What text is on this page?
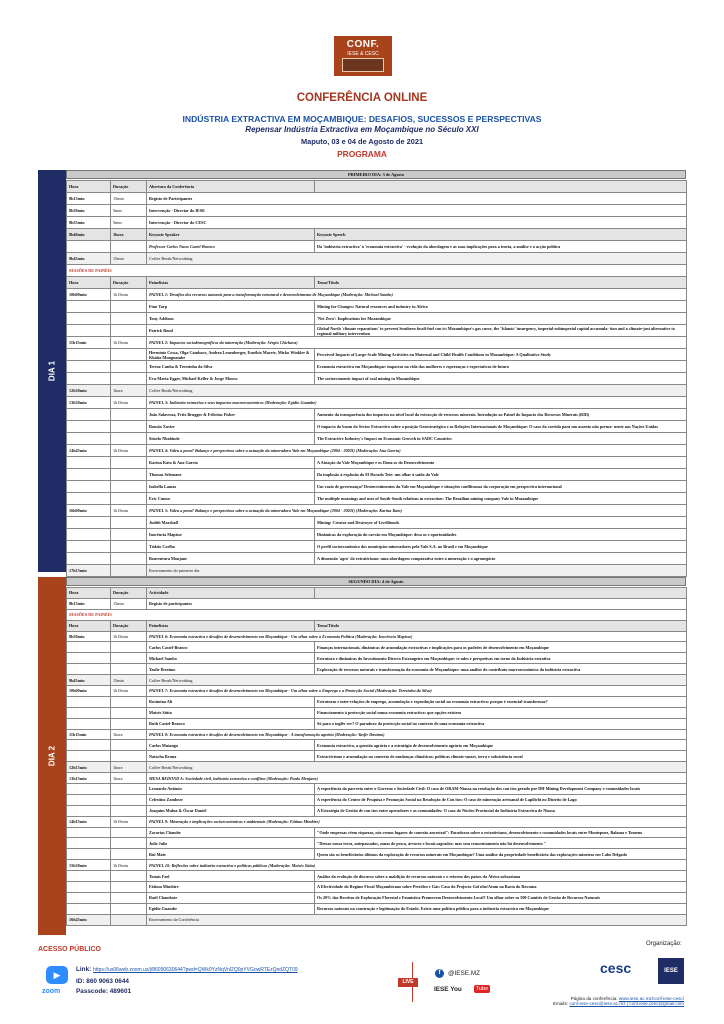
CONF.
IESE & CESC
CONFERÊNCIA ONLINE
INDÚSTRIA EXTRACTIVA EM MOÇAMBIQUE: DESAFIOS, SUCESSOS E PERSPECTIVAS
Repensar Indústria Extractiva em Moçambique no Século XXI
Maputo, 03 e 04 de Agosto de 2021
PROGRAMA
DIA 1
PRIMEIRO DIA: 3 de Agosto
Hora	Duração	Abertura da Conferência	
8h15min	15min	Registo de Participantes	
8h30min	5min	Intervenção - Director do IESE	
8h35min	5min	Intervenção - Director do CESC	
8h40min	1hora	Keynote Speaker	Keynote Speech
		Professor Carlos Nuno Castel-Branco	Da 'indústria extractiva' à 'economia extractiva' - evolução da abordagem e as suas implicações para a teoria, a análise e a acção política
9h45min	15min	Coffee Break/Networking	
SESSÕES DE PAINÉIS			
Hora	Duração	Painelistas	Tema/Título
10h00min	1h15min	PAINEL 1: Desafios dos recursos naturais para a transformação estrutural e desenvolvimento de Moçambique (Moderação: Michael Sambo)	
		Finn Tarp	Mining for Changes: Natural resources and industry in Africa
		Tony Addison	'Net Zero': Implications for Mozambique
		Patrick Bond	Global North 'climate reparations' to prevent Southern fossil-fuel con ict Mozambique's gas curse, the 'Islamic' insurgency, imperial-subimperial capital accumula- tion and a climate-just alternative to regional military intervention
11h15min	1h15min	PAINEL 2: Impactos sociodemográficos da mineração (Moderação: Sérgio Chichava)	
		Herminio Cossa, Olga Cambaco, Andrea Leuenberger, Eusébio Macete, Mirko Winkler & Khátia Munguambe	Perceived Impacts of Large-Scale Mining Activities on Maternal and Child Health Conditions in Mozambique: A Qualitative Study
		Teresa Cunha & Terezinha da Silva	Economia extractiva em Moçambique: impactos na vida das mulheres e esperanças e expectativas de futuro
		Eva-Maria Egger, Michael Keller & Jorge Mouco	The socioeconomic impact of coal mining in Mozambique
12h30min	1hora	Coffee Break/Networking	
13h30min	1h15min	PAINEL 3: Indústria extractiva e seus impactos macroeconómicos (Moderação: Egídio Guambe)	
		João Salavessa, Fritz Brugger & Felicitas Fisher	Aumento da transparência dos impactos no nível local da extracção de recursos minerais. Introdução ao Painel do Impacto dos Recursos Minerais (RID)
		Romão Xavier	O impacto do boom do Sector Extractivo sobre a posição Geoestratégica e as Relações Internacionais de Moçambique: O caso da corrida para um assento não perma- nente nas Nações Unidas
		Sitoelo Nhabinde	The Extractive Industry's Impact on Economic Growth in SADC Countries
14h45min	1h15min	PAINEL 4: Valeu a pena? Balanço e perspectivas sobre a actuação da mineradora Vale em Moçambique (2004 - 2002I) (Moderação: Ana Garcia)	
		Karina Kato & Ana Garcia	A Atuação da Vale Moçambique e os Dona os do Desenvolvimento
		Thomas Selemane	Da implosão à explosão do El Dorado Tete: um olhar à saída da Vale
		Isabella Lamas	Um vazio de governança? Desinvestimentos da Vale em Moçambique e situações conflituosas da corporação em perspectiva internacional
		Eric Cunno	The multiple meanings and uses of South-South relations in extraction: The Brazilian mining company Vale in Mozambique
16h00min	1h15min	PAINEL 5: Valeu a pena? Balanço e perspectivas sobre a actuação da mineradora Vale em Moçambique (2004 - 2002I) (Moderação: Karina Kato)	
		Judith Marshall	Mining: Creator and Destroyer of Livelihoods
		Inocência Mapisse	Dinâmicas da exploração do carvão em Moçambique: desa os e oportunidades
		Tádzio Coelho	O perfil socioeconômico dos municípios mineradores pela Vale S.A. no Brasil e em Moçambique
		Boaventura Monjane	A dimensão 'agro' do extrativismo: uma abordagem comparativa entre a mineração e o agronegócio
17h15min		Encerramento do primeiro dia	
DIA 2
SEGUNDO DIA: 4 de Agosto
Hora	Duração	Actividade	
8h15min	15min	Registo de participantes	
SESSÕES DE PAINÉIS			
Hora	Duração	Painelistas	Tema/Título
8h30min	1h15min	PAINEL 6: Economia extractiva e desafios de desenvolvimento em Moçambique - Um olhar sobre a Economia Política (Moderação: Inocência Mapisse)	
		Carlos Castel-Branco	Finanças internacionais, dinâmicas de acumulação extractivas e implicações para os padrões de desenvolvimento em Moçambique
		Michael Sambo	Estrutura e dinâmicas do Investimento Directo Estrangeiro em Moçambique: te ndes e perspetivas em torno da Indústria extrativa
		Yasfir Ibraimo	Exploração de recursos naturais e transformação da economia de Moçambique: uma análise do contributo macroeconómico da indústria extractiva
9h45min	15min	Coffee Break/Networking	
10h00min	1h15min	PAINEL 7: Economia extractiva e desafios de desenvolvimento em Moçambique - Um olhar sobre o Emprego e a Protecção Social (Moderação: Terezinha da Silva)	
		Rosimina Ali	Estruturas e inter-relações de emprego, acumulação e reprodução social na economia extractiva: porque é essencial transformar?
		Moisés Siúta	Financiamento à protecção social numa economia extractiva: que opções existem
		Ruth Castel-Branco	Só para o inglês ver? O paradoxo da protecção social no contexto de uma economia extractiva
11h15min	1hora	PAINEL 8: Economia extractiva e desafios de desenvolvimento em Moçambique - A transformação agrária (Moderação: Yasfir Ibraimo)	
		Carlos Muianga	Economia extractiva, a questão agrária e a estratégia de desenvolvimento agrário em Moçambique
		Natacha Bruna	Extractivismo e acumulação no contexto de mudanças climáticas: políticas climate-smart, terra e subsistência rural
12h15min	1hora	Coffee Break/Networking	
13h15min	1hora	MESA REDOND A: Sociedade civil, indústria extractiva e conflitos (Moderação: Paulo Menjane)	
		Leonardo António	A experiência da parceria entre o Governo e Sociedade Civil: O caso de ORAM-Niassa na resolução dos con itos gerado por DH Mining Development Company e comunidades locais
		Celestino Zambeze	A experiência do Centro de Pesquisa e Promoção Social na Resolução de Con itos: O caso de mineração artesanal de Lapilichi no Distrito de Lago
		Joaquim Mulua & Óscar Daniel	A Estratégia de Gestão de con itos entre operadores e as comunidades: O caso do Núcleo Provincial da Indústria Extractiva de Niassa
14h15min	1h15min	PAINEL 9: Mineração e implicações socioeconómicas e ambientais (Moderação: Fátima Mimbire)	
		Zacarias Chambe	"Onde empresas vêem riquezas, nós vemos lugares de conexão ancestral": Paradoxos sobre o extrativismo, desenvolvimento e comunidades locais entre Montepuez, Balama e Tomeno
		Julie Julie	"Deixar nossa terra, antepassados, zonas de pesca, árvores e locais sagrados: mas sem reassentamento não há desenvolvimento "
		Rui Mate	Quem são os beneficiários últimos da exploração de recursos minerais em Moçambique? Uma análise da propriedade beneficiária das explorações mineiras em Cabo Delgado
15h30min	1h15min	PAINEL 10: Reflexões sobre indústria extractiva e políticas públicas (Moderação: Moisés Siúta)	
		Tomás Fael	Análise da evolução do discurso sobre a maldição de recursos naturais e o retorno dos países da África subsariana
		Fátima Mimbire	A Efectividade do Regime Fiscal Moçambicano sobre Petróleo e Gás: Caso do Projecto Gol nho/Atum na Bacia do Rovuma
		Raúl Chambote	Os 20% das Receitas de Exploração Florestal e Faunística Promovem Desenvolvimento Local? Um olhar sobre os 500 Comités de Gestão de Recursos Naturais
		Egídio Guambe	Recursos naturais na construção e legitimação do Estado. Existe uma política pública para a indústria extractiva em Moçambique
16h45min		Encerramento da Conferência	
ACESSO PÚBLICO
▶
zoom
Link: https://us06web.zoom.us/j/86090630644?pwd=QWk0YzNqVnl2Q0pYVGowRTEzQndZQT09
ID: 860 9063 0644
Passcode: 489601
LIVE
f	@IESE.MZ
IESE You	Tube
Organização:
cesc	IESE
Página da conferência: www.iese.ac.mz/conf-iese-cesc/
Emails: conf-iese-cesc@iese.ac.mz | conf.iese.cesc@gmail.com
